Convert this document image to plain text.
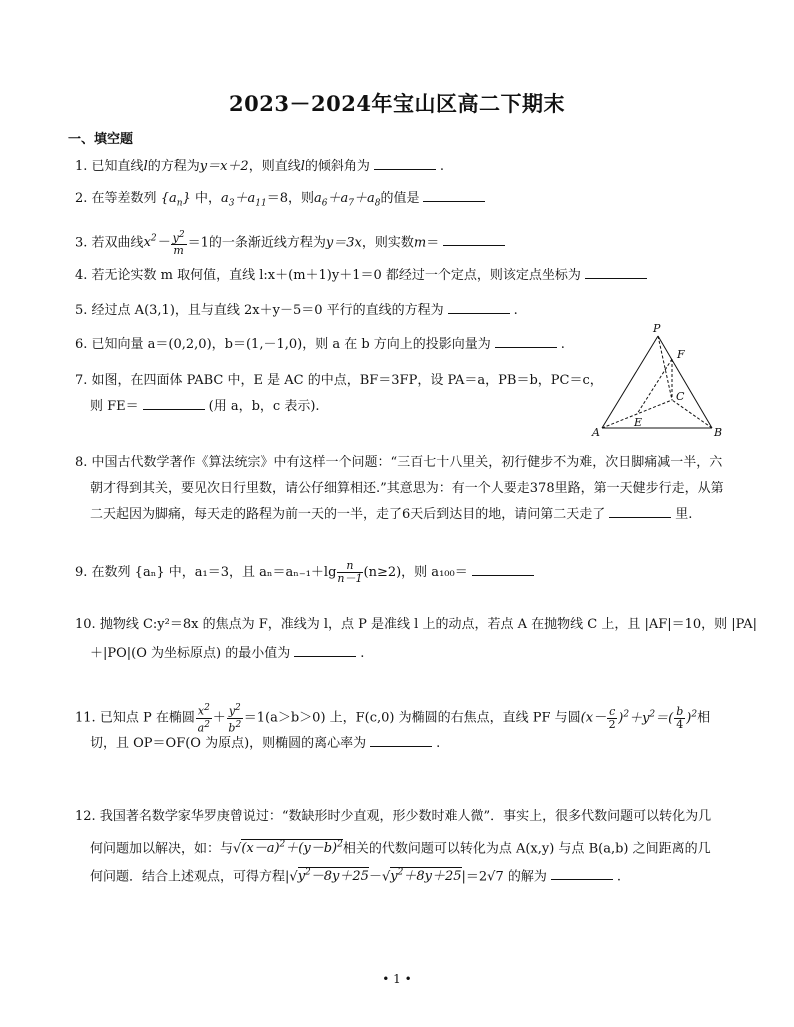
2023－2024年宝山区高二下期末
一、填空题
1. 已知直线l的方程为y＝x＋2，则直线l的倾斜角为	.
2. 在等差数列 $\{a_n\}$ 中，$a_3+a_{11}=8$，则$a_6+a_7+a_8$的值是
3. 若双曲线$x^2- \frac{y^2}{m} =1$的一条渐近线方程为y＝3x，则实数m＝
4. 若无论实数 m 取何值，直线 l:x＋(m＋1)y＋1＝0 都经过一个定点，则该定点坐标为
5. 经过点 A(3,1)，且与直线 2x＋y－5＝0 平行的直线的方程为	.
6. 已知向量 a＝(0,2,0)，b＝(1,－1,0)，则 a 在 b 方向上的投影向量为	.
7. 如图，在四面体 PABC 中，E 是 AC 的中点，BF＝3FP，设 PA＝a，PB＝b，PC＝c，
则 FE＝	(用 a，b，c 表示).
P
F
C
A
E
B
8. 中国古代数学著作《算法统宗》中有这样一个问题：“三百七十八里关，初行健步不为难，次日脚痛减一半，六
朝才得到其关，要见次日行里数，请公仔细算相还.”其意思为：有一个人要走378里路，第一天健步行走，从第
二天起因为脚痛，每天走的路程为前一天的一半，走了6天后到达目的地，请问第二天走了	里.
9. 在数列 {aₙ} 中，a₁＝3，且 $a_n=a_{n-1}+\lg \frac{n}{n-1} (n\ge 2)$，则 a₁₀₀＝
10. 抛物线 C:y²＝8x 的焦点为 F，准线为 l，点 P 是准线 l 上的动点，若点 A 在抛物线 C 上，且 |AF|＝10，则 |PA|
＋|PO|(O 为坐标原点) 的最小值为	.
11. 已知点 P 在椭圆 $\frac{x^2}{a^2} + \frac{y^2}{b^2} =1(a>b>0)$ 上，F(c,0) 为椭圆的右焦点，直线 PF 与圆$(x- \frac{c}{2} )^2+y^2=( \frac{b}{4} )^2$相
切，且 OP＝OF(O 为原点)，则椭圆的离心率为	.
12. 我国著名数学家华罗庚曾说过：“数缺形时少直观，形少数时难人微”．事实上，很多代数问题可以转化为几
何问题加以解决，如：与$√(x-a)^2+(y-b)^2$相关的代数问题可以转化为点 A(x,y) 与点 B(a,b) 之间距离的几
何问题．结合上述观点，可得方程$|√y^2-8y+25-√y^2+8y+25|=2√7$ 的解为	.
• 1 •
